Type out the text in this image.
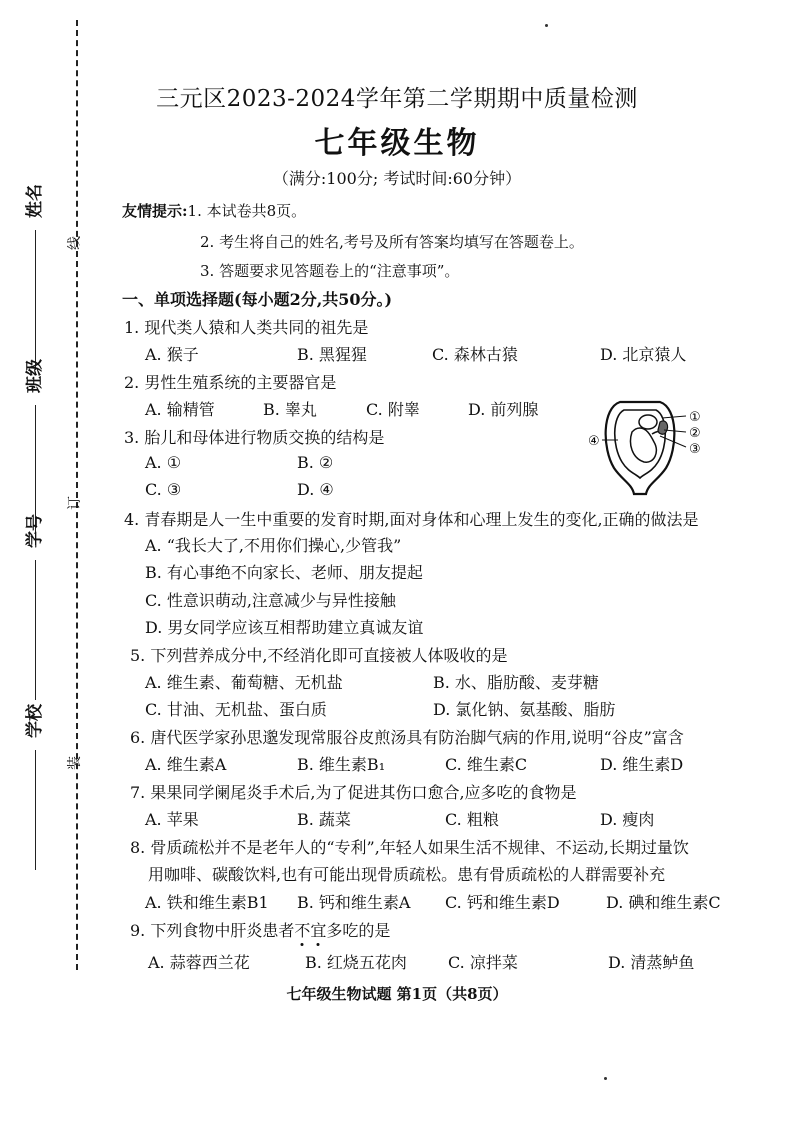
线
订
装
姓名
班级
学号
学校
三元区2023-2024学年第二学期期中质量检测
七年级生物
（满分:100分; 考试时间:60分钟）
友情提示:1. 本试卷共8页。
2. 考生将自己的姓名,考号及所有答案均填写在答题卷上。
3. 答题要求见答题卷上的“注意事项”。
一、单项选择题(每小题2分,共50分。)
1. 现代类人猿和人类共同的祖先是
A. 猴子	B. 黑猩猩	C. 森林古猿	D. 北京猿人
2. 男性生殖系统的主要器官是
A. 输精管	B. 睾丸	C. 附睾	D. 前列腺
3. 胎儿和母体进行物质交换的结构是
A. ①	B. ②
C. ③	D. ④
①
②
③
④
4. 青春期是人一生中重要的发育时期,面对身体和心理上发生的变化,正确的做法是
A. “我长大了,不用你们操心,少管我”
B. 有心事绝不向家长、老师、朋友提起
C. 性意识萌动,注意减少与异性接触
D. 男女同学应该互相帮助建立真诚友谊
5. 下列营养成分中,不经消化即可直接被人体吸收的是
A. 维生素、葡萄糖、无机盐	B. 水、脂肪酸、麦芽糖
C. 甘油、无机盐、蛋白质	D. 氯化钠、氨基酸、脂肪
6. 唐代医学家孙思邈发现常服谷皮煎汤具有防治脚气病的作用,说明“谷皮”富含
A. 维生素A	B. 维生素B₁	C. 维生素C	D. 维生素D
7. 果果同学阑尾炎手术后,为了促进其伤口愈合,应多吃的食物是
A. 苹果	B. 蔬菜	C. 粗粮	D. 瘦肉
8. 骨质疏松并不是老年人的“专利”,年轻人如果生活不规律、不运动,长期过量饮
用咖啡、碳酸饮料,也有可能出现骨质疏松。患有骨质疏松的人群需要补充
A. 铁和维生素B1 B. 钙和维生素A C. 钙和维生素D	D. 碘和维生素C
9. 下列食物中肝炎患者不宜多吃的是
A. 蒜蓉西兰花	B. 红烧五花肉	C. 凉拌菜	D. 清蒸鲈鱼
七年级生物试题 第1页（共8页）
